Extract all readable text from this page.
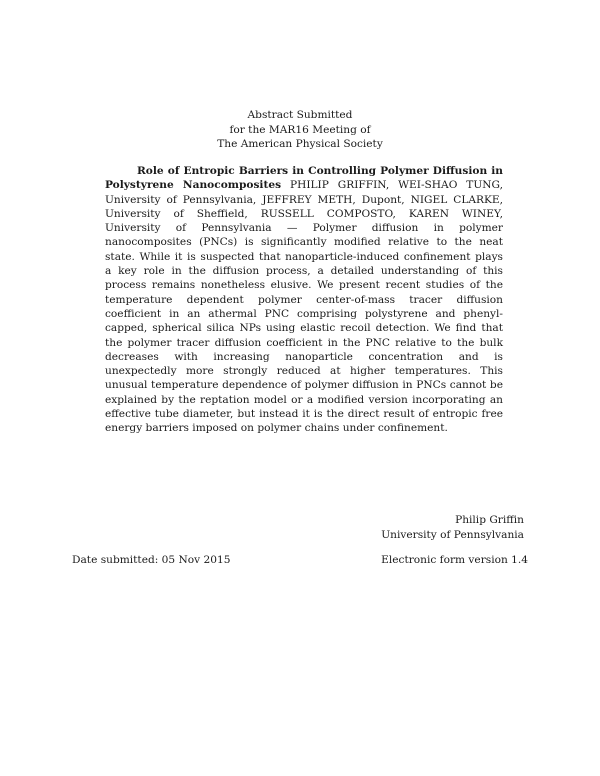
Abstract Submitted
for the MAR16 Meeting of
The American Physical Society
Role of Entropic Barriers in Controlling Polymer Diffusion in Polystyrene Nanocomposites PHILIP GRIFFIN, WEI-SHAO TUNG, University of Pennsylvania, JEFFREY METH, Dupont, NIGEL CLARKE, University of Sheffield, RUSSELL COMPOSTO, KAREN WINEY, University of Pennsylvania — Polymer diffusion in polymer nanocomposites (PNCs) is significantly modified relative to the neat state. While it is suspected that nanoparticle-induced confinement plays a key role in the diffusion process, a detailed understanding of this process remains nonetheless elusive. We present recent studies of the temperature dependent polymer center-of-mass tracer diffusion coefficient in an athermal PNC comprising polystyrene and phenyl-capped, spherical silica NPs using elastic recoil detection. We find that the polymer tracer diffusion coefficient in the PNC relative to the bulk decreases with increasing nanoparticle concentration and is unexpectedly more strongly reduced at higher temperatures. This unusual temperature dependence of polymer diffusion in PNCs cannot be explained by the reptation model or a modified version incorporating an effective tube diameter, but instead it is the direct result of entropic free energy barriers imposed on polymer chains under confinement.
Philip Griffin
University of Pennsylvania
Date submitted: 05 Nov 2015	Electronic form version 1.4
